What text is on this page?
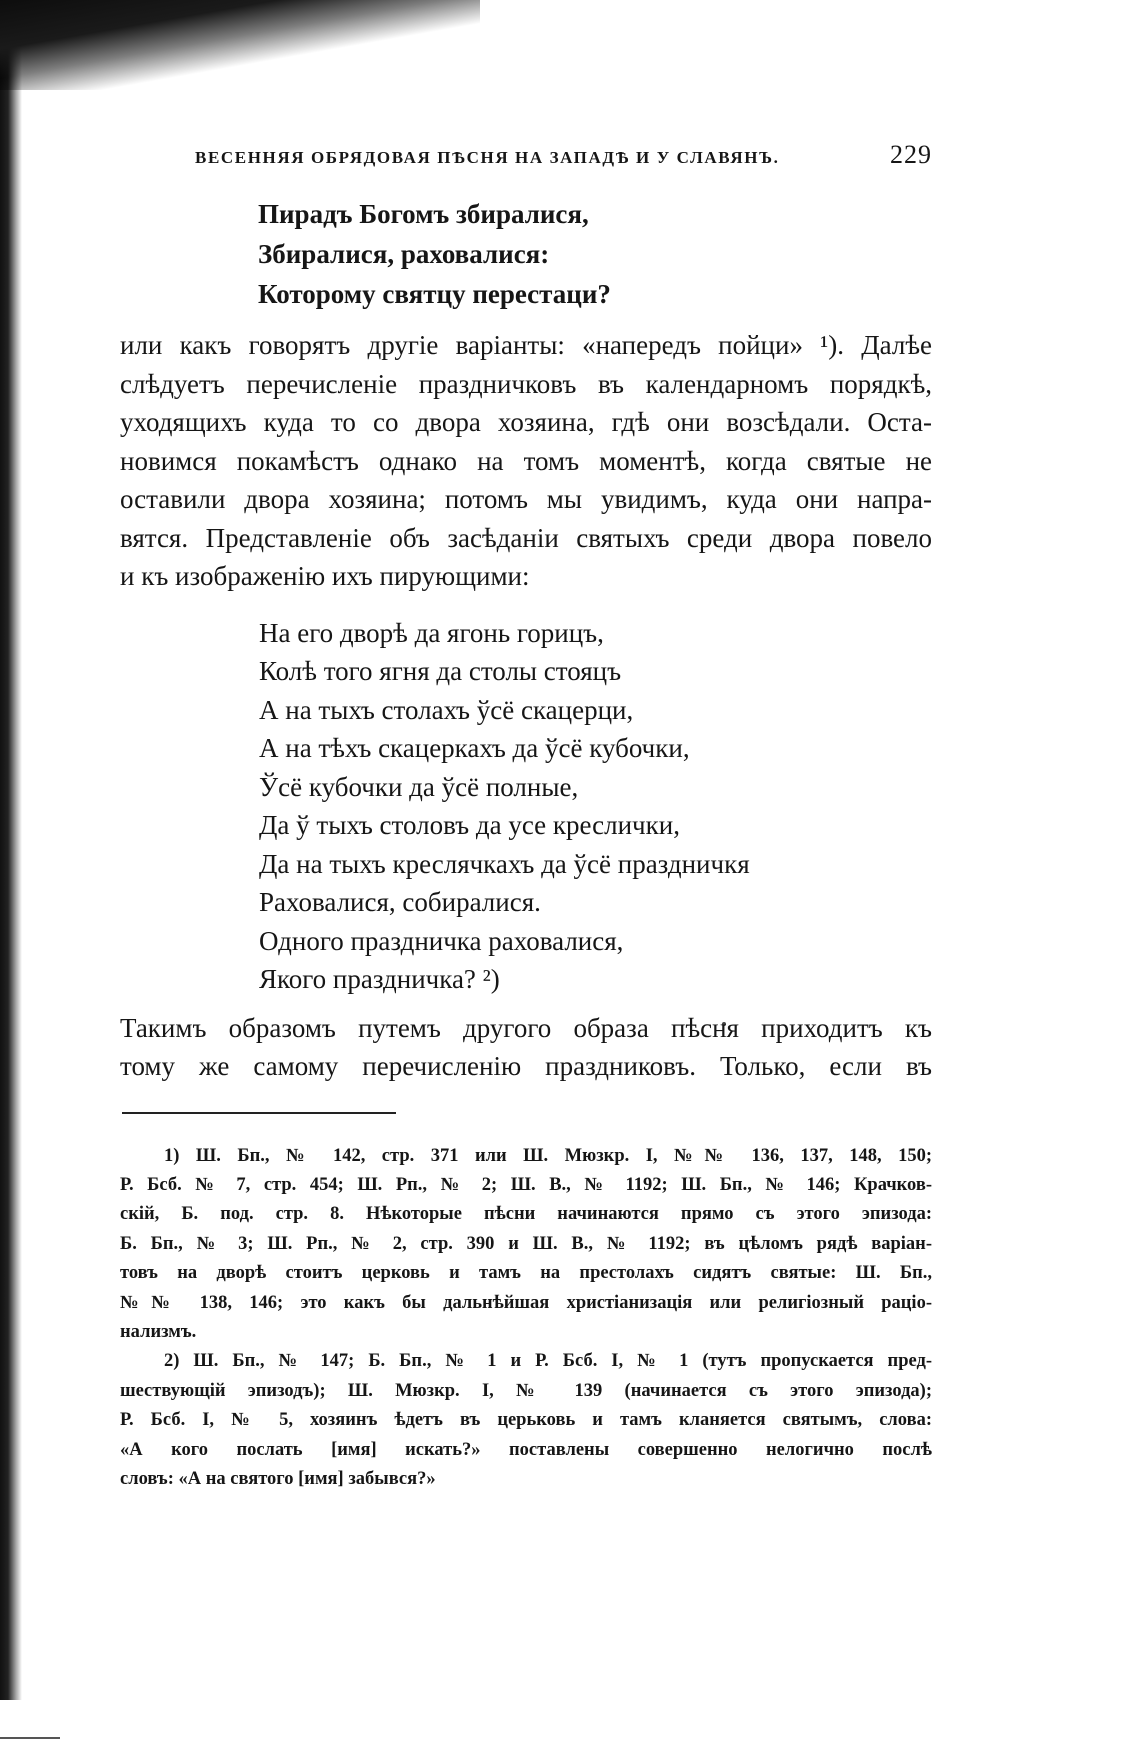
ВЕСЕННЯЯ ОБРЯДОВАЯ ПѢСНЯ НА ЗАПАДѢ И У СЛАВЯНЪ.	229
Пирадъ Богомъ збиралися,
Збиралися, раховалися:
Которому святцу перестаци?

или какъ говорятъ другіе варіанты: «напередъ пойци» ¹). Далѣе
слѣдуетъ перечисленіе праздничковъ въ календарномъ порядкѣ,
уходящихъ куда то со двора хозяина, гдѣ они возсѣдали. Оста-
новимся покамѣстъ однако на томъ моментѣ, когда святые не
оставили двора хозяина; потомъ мы увидимъ, куда они напра-
вятся. Представленіе объ засѣданіи святыхъ среди двора повело
и къ изображенію ихъ пирующими:

На его дворѣ да ягонь горицъ,
Колѣ того ягня да столы стояцъ
А на тыхъ столахъ ўсё скацерци,
А на тѣхъ скацеркахъ да ўсё кубочки,
Ўсё кубочки да ўсё полные,
Да ў тыхъ столовъ да усе креслички,
Да на тыхъ креслячкахъ да ўсё праздничкя
Раховалися, собиралися.
Одного праздничка раховалися,
Якого праздничка? ²)

Такимъ образомъ путемъ другого образа пѣсня приходитъ къ
тому же самому перечисленію праздниковъ. Только, если въ

1) Ш. Бп., № 142, стр. 371 или Ш. Мюзкр. I, №№ 136, 137, 148, 150;
Р. Бсб. № 7, стр. 454; Ш. Рп., № 2; Ш. В., № 1192; Ш. Бп., № 146; Крачков-
скій, Б. под. стр. 8. Нѣкоторые пѣсни начинаются прямо съ этого эпизода:
Б. Бп., № 3; Ш. Рп., № 2, стр. 390 и Ш. В., № 1192; въ цѣломъ рядѣ варіан-
товъ на дворѣ стоитъ церковь и тамъ на престолахъ сидятъ святые: Ш. Бп.,
№№ 138, 146; это какъ бы дальнѣйшая христіанизація или религіозный раціо-
нализмъ.

2) Ш. Бп., № 147; Б. Бп., № 1 и Р. Бсб. I, № 1 (тутъ пропускается пред-
шествующій эпизодъ); Ш. Мюзкр. I, № 139 (начинается съ этого эпизода);
Р. Бсб. I, № 5, хозяинъ ѣдетъ въ церьковь и тамъ кланяется святымъ, слова:
«А кого послать [имя] искать?» поставлены совершенно нелогично послѣ
словъ: «А на святого [имя] забывся?»
